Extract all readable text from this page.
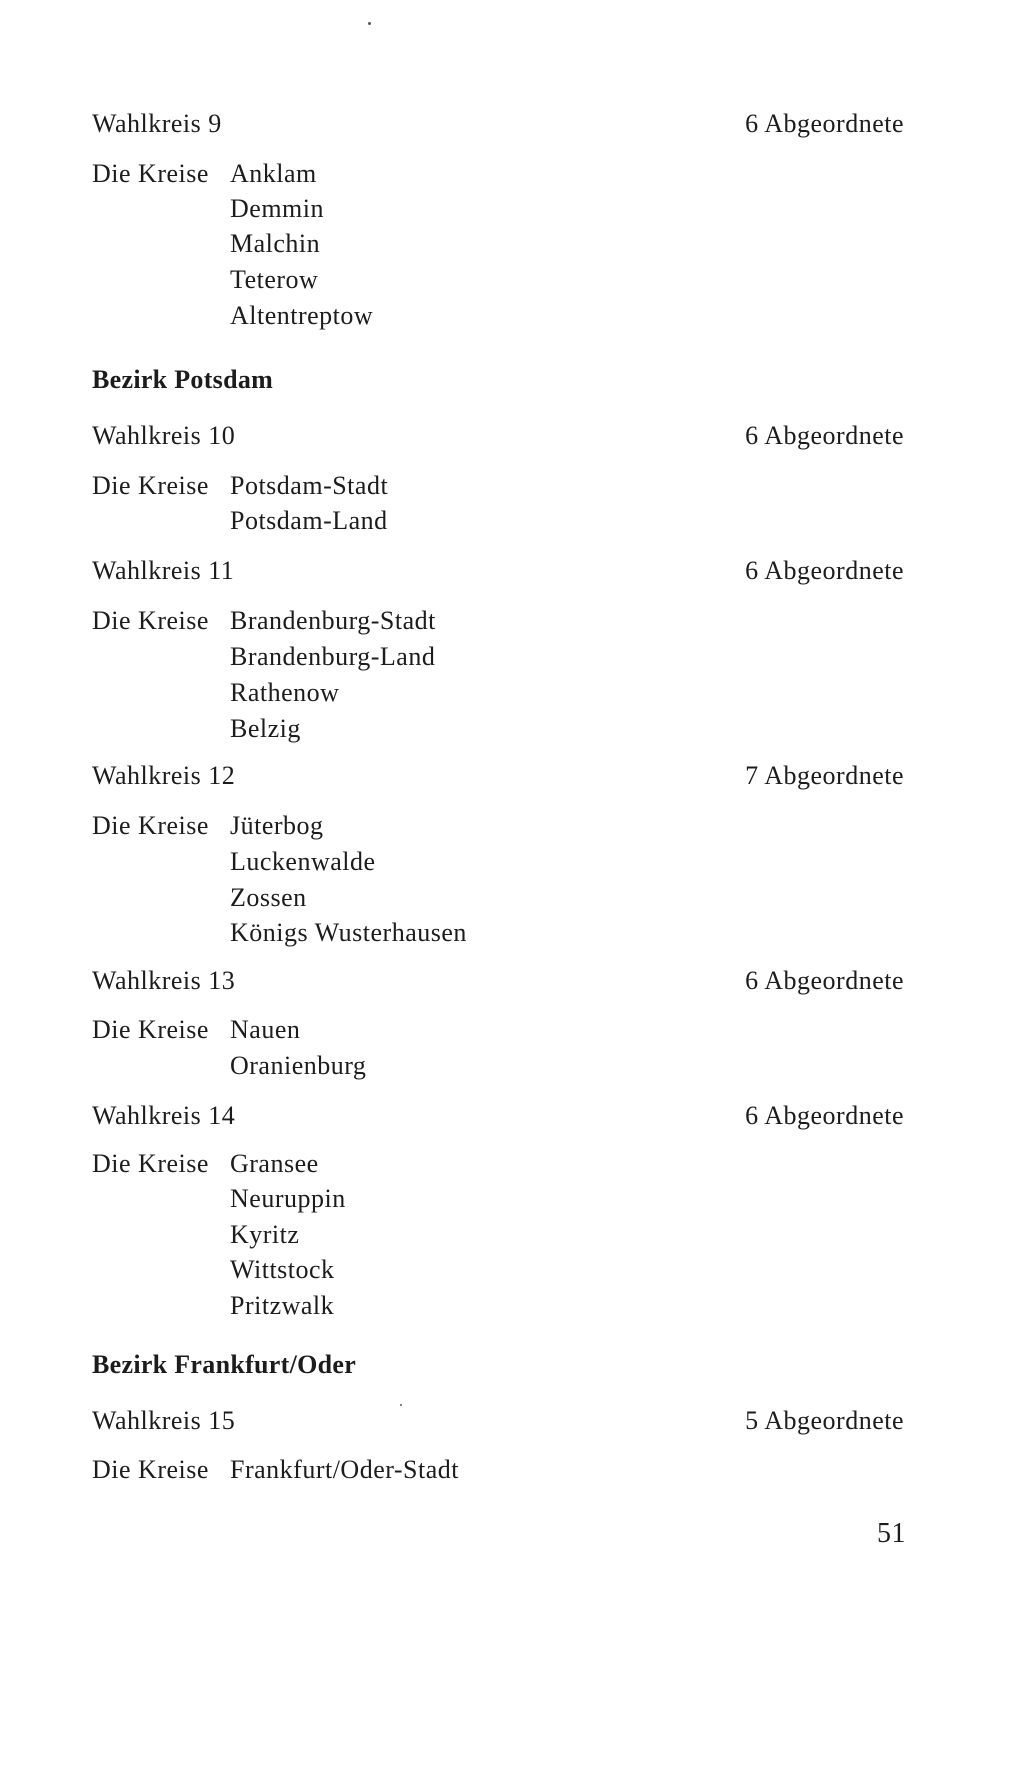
Wahlkreis 9	6 Abgeordnete
Die Kreise Anklam
Demmin
Malchin
Teterow
Altentreptow
Bezirk Potsdam
Wahlkreis 10	6 Abgeordnete
Die Kreise Potsdam-Stadt
Potsdam-Land
Wahlkreis 11	6 Abgeordnete
Die Kreise Brandenburg-Stadt
Brandenburg-Land
Rathenow
Belzig
Wahlkreis 12	7 Abgeordnete
Die Kreise Jüterbog
Luckenwalde
Zossen
Königs Wusterhausen
Wahlkreis 13	6 Abgeordnete
Die Kreise Nauen
Oranienburg
Wahlkreis 14	6 Abgeordnete
Die Kreise Gransee
Neuruppin
Kyritz
Wittstock
Pritzwalk
Bezirk Frankfurt/Oder
Wahlkreis 15	5 Abgeordnete
Die Kreise Frankfurt/Oder-Stadt
51
